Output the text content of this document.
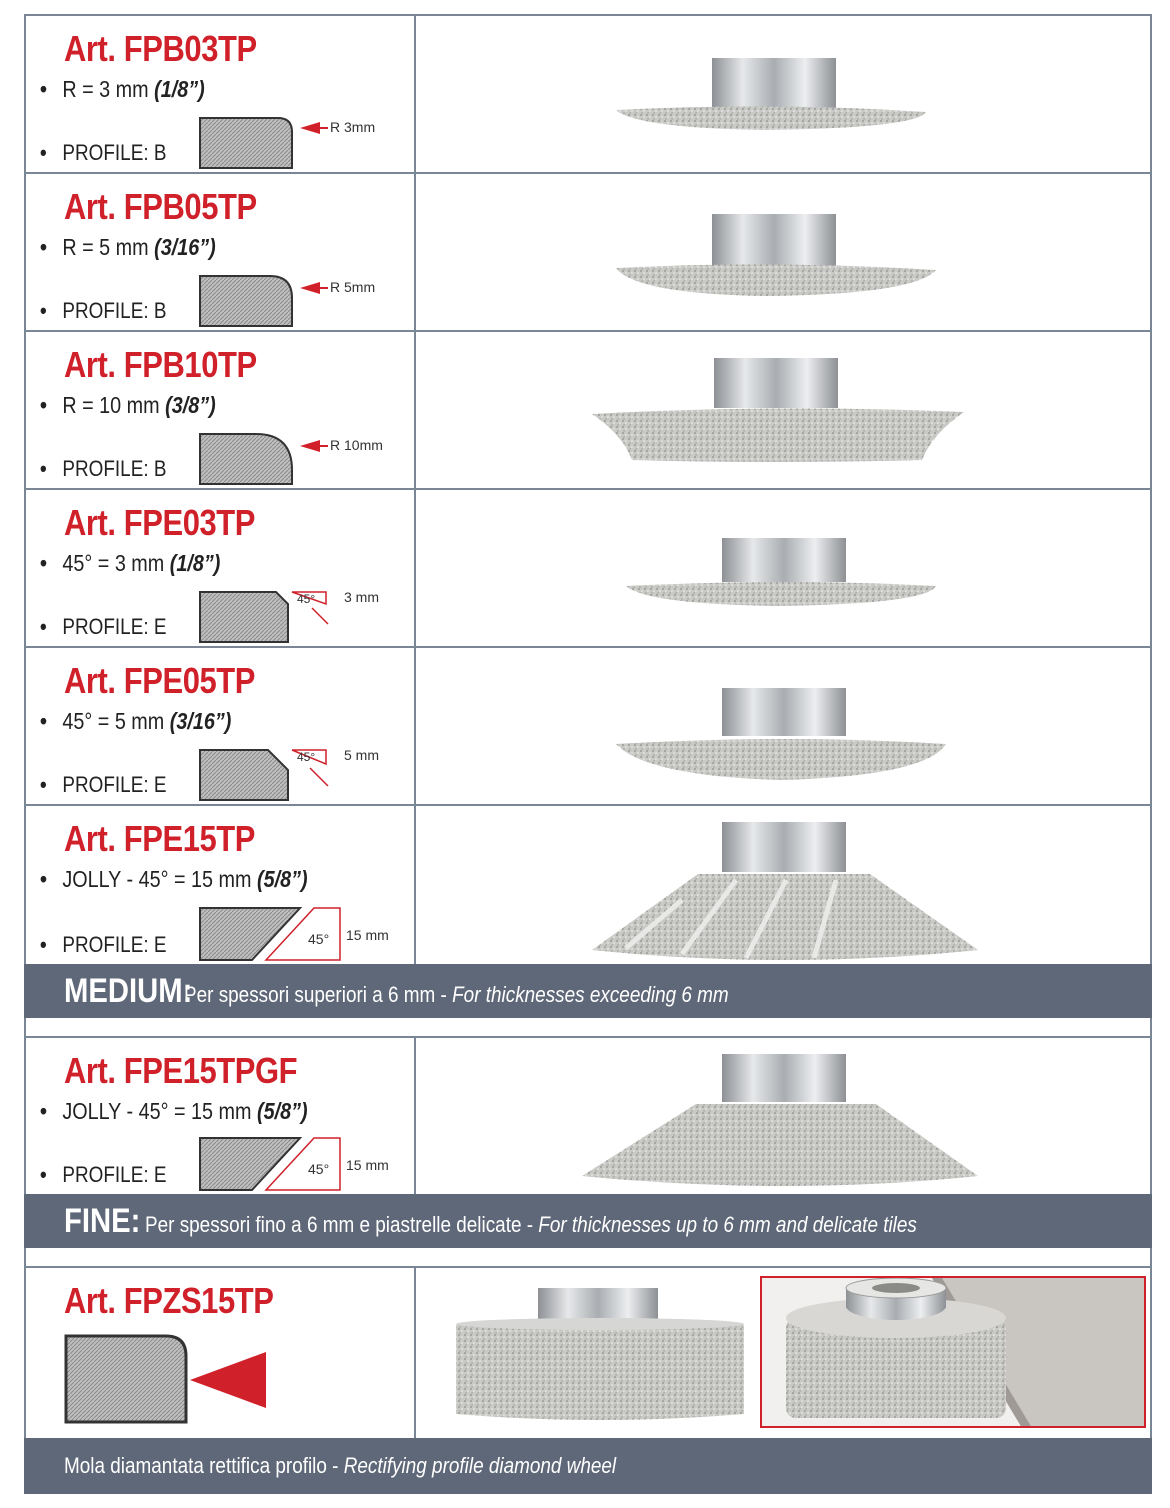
Art. FPB03TP
• R = 3 mm (1/8”)
• PROFILE: B
R 3mm
Art. FPB05TP
• R = 5 mm (3/16”)
• PROFILE: B
R 5mm
Art. FPB10TP
• R = 10 mm (3/8”)
• PROFILE: B
R 10mm
Art. FPE03TP
• 45° = 3 mm (1/8”)
• PROFILE: E
45° 3 mm
Art. FPE05TP
• 45° = 5 mm (3/16”)
• PROFILE: E
45° 5 mm
Art. FPE15TP
• JOLLY - 45° = 15 mm (5/8”)
• PROFILE: E	45° 15 mm
MEDIUM: Per spessori superiori a 6 mm - For thicknesses exceeding 6 mm
Art. FPE15TPGF
• JOLLY - 45° = 15 mm (5/8”)
• PROFILE: E	45° 15 mm
FINE: Per spessori fino a 6 mm e piastrelle delicate - For thicknesses up to 6 mm and delicate tiles
Art. FPZS15TP
Mola diamantata rettifica profilo - Rectifying profile diamond wheel
